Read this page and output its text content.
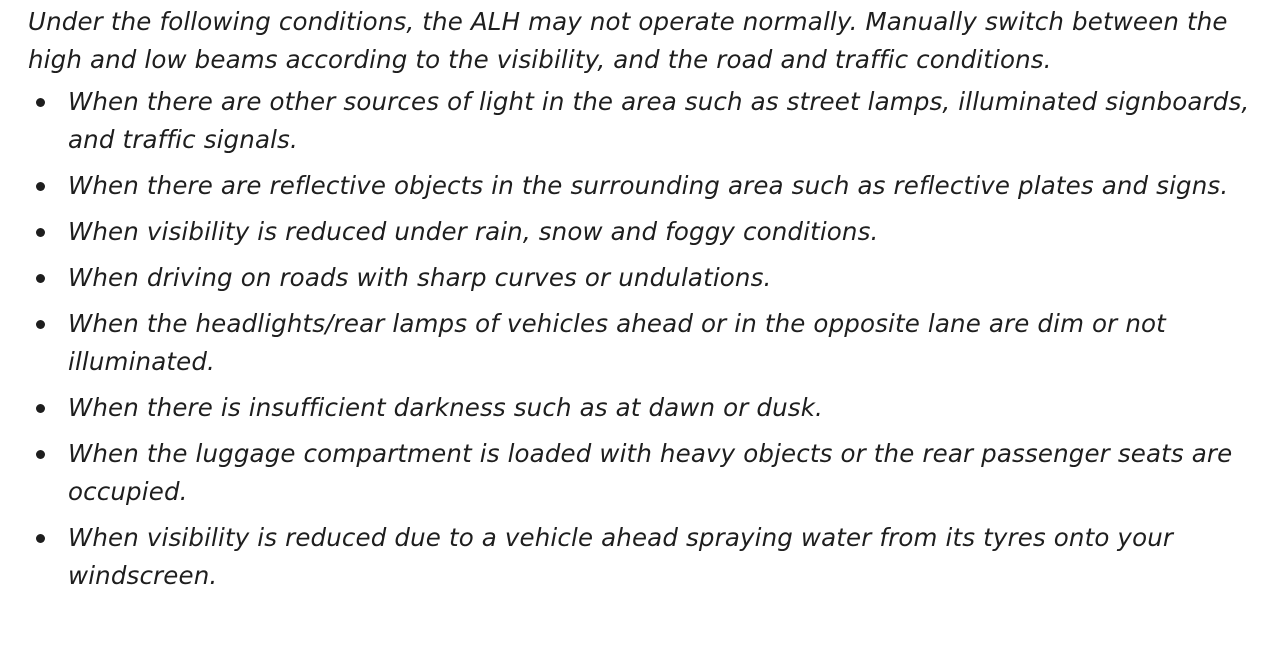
Under the following conditions, the ALH may not operate normally. Manually switch between the high and low beams according to the visibility, and the road and traffic conditions.

When there are other sources of light in the area such as street lamps, illuminated signboards, and traffic signals.
When there are reflective objects in the surrounding area such as reflective plates and signs.
When visibility is reduced under rain, snow and foggy conditions.
When driving on roads with sharp curves or undulations.
When the headlights/rear lamps of vehicles ahead or in the opposite lane are dim or not illuminated.
When there is insufficient darkness such as at dawn or dusk.
When the luggage compartment is loaded with heavy objects or the rear passenger seats are occupied.
When visibility is reduced due to a vehicle ahead spraying water from its tyres onto your windscreen.
